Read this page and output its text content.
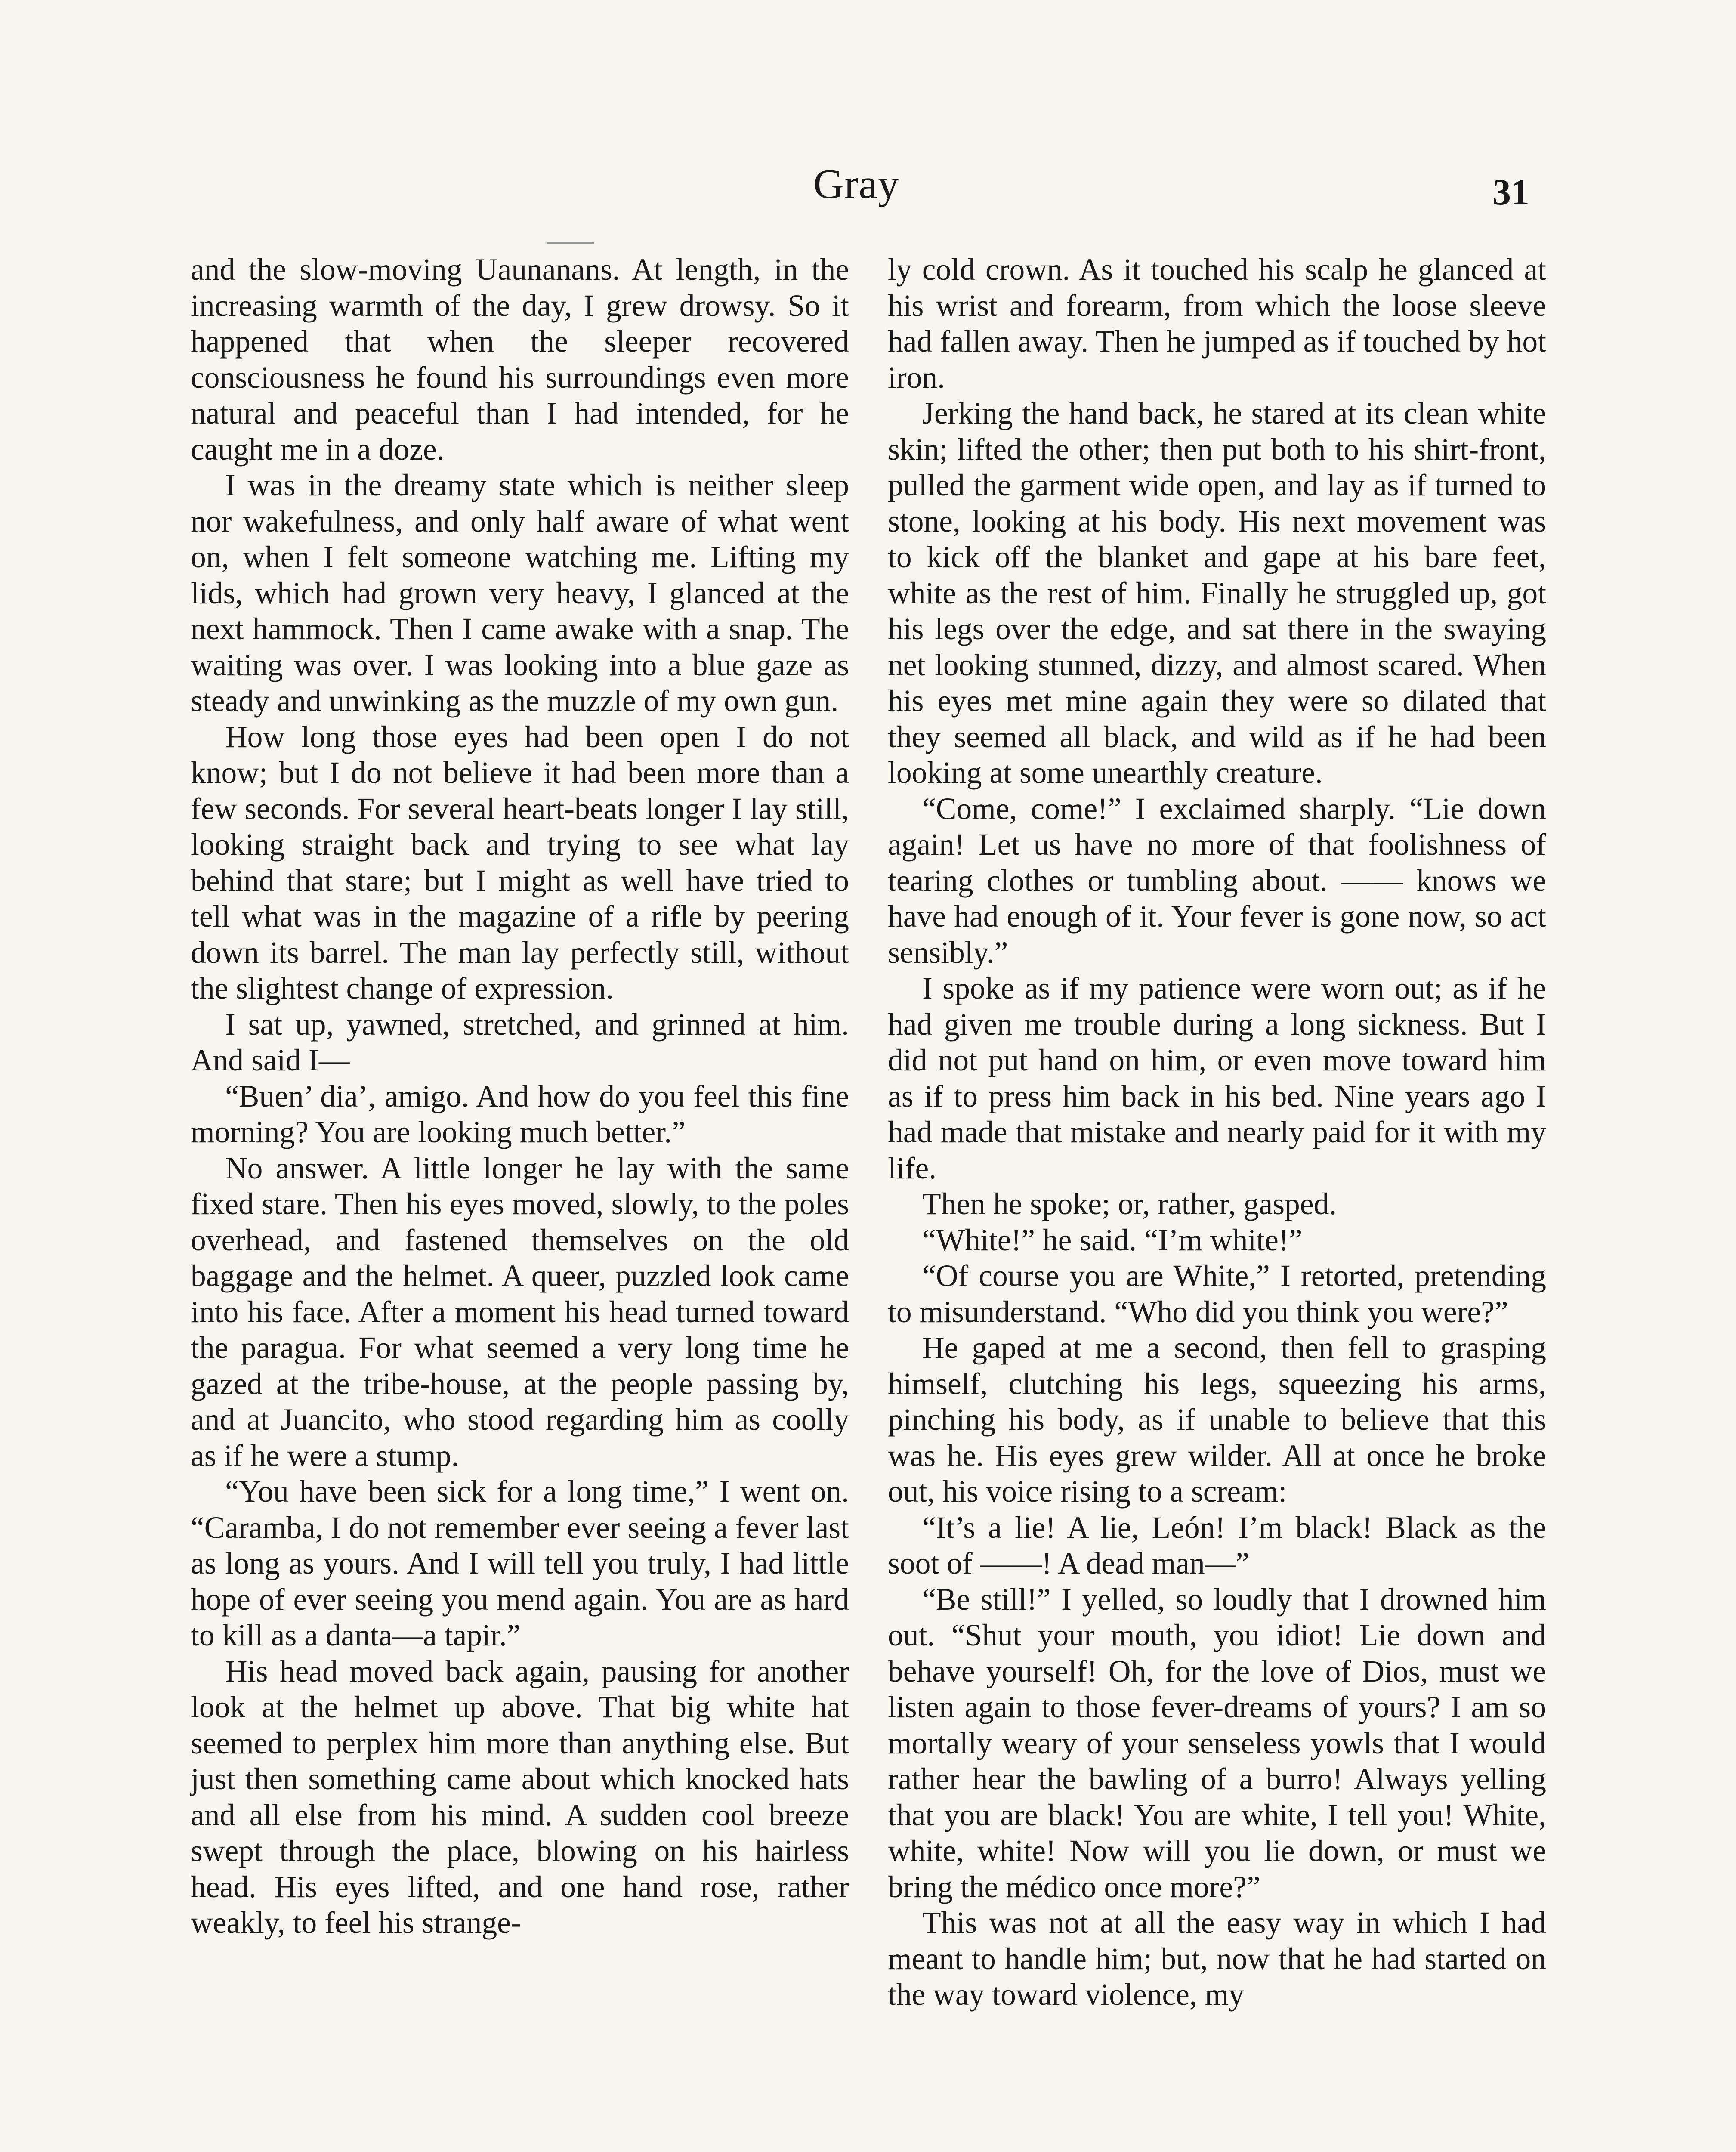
Gray	31

and the slow-moving Uaunanans. At length, in the increasing warmth of the day, I grew drowsy. So it happened that when the sleeper recovered consciousness he found his surroundings even more natural and peaceful than I had intended, for he caught me in a doze.

I was in the dreamy state which is neither sleep nor wakefulness, and only half aware of what went on, when I felt someone watching me. Lifting my lids, which had grown very heavy, I glanced at the next hammock. Then I came awake with a snap. The waiting was over. I was looking into a blue gaze as steady and unwinking as the muzzle of my own gun.

How long those eyes had been open I do not know; but I do not believe it had been more than a few seconds. For several heart-beats longer I lay still, looking straight back and trying to see what lay behind that stare; but I might as well have tried to tell what was in the magazine of a rifle by peering down its barrel. The man lay perfectly still, without the slightest change of expression.

I sat up, yawned, stretched, and grinned at him. And said I—

“Buen’ dia’, amigo. And how do you feel this fine morning? You are looking much better.”

No answer. A little longer he lay with the same fixed stare. Then his eyes moved, slowly, to the poles overhead, and fastened themselves on the old baggage and the helmet. A queer, puzzled look came into his face. After a moment his head turned toward the paragua. For what seemed a very long time he gazed at the tribe-house, at the people passing by, and at Juancito, who stood regarding him as coolly as if he were a stump.

“You have been sick for a long time,” I went on. “Caramba, I do not remember ever seeing a fever last as long as yours. And I will tell you truly, I had little hope of ever seeing you mend again. You are as hard to kill as a danta—a tapir.”

His head moved back again, pausing for another look at the helmet up above. That big white hat seemed to perplex him more than anything else. But just then something came about which knocked hats and all else from his mind. A sudden cool breeze swept through the place, blowing on his hairless head. His eyes lifted, and one hand rose, rather weakly, to feel his strange-

ly cold crown. As it touched his scalp he glanced at his wrist and forearm, from which the loose sleeve had fallen away. Then he jumped as if touched by hot iron.

Jerking the hand back, he stared at its clean white skin; lifted the other; then put both to his shirt-front, pulled the garment wide open, and lay as if turned to stone, looking at his body. His next movement was to kick off the blanket and gape at his bare feet, white as the rest of him. Finally he struggled up, got his legs over the edge, and sat there in the swaying net looking stunned, dizzy, and almost scared. When his eyes met mine again they were so dilated that they seemed all black, and wild as if he had been looking at some unearthly creature.

“Come, come!” I exclaimed sharply. “Lie down again! Let us have no more of that foolishness of tearing clothes or tumbling about. —— knows we have had enough of it. Your fever is gone now, so act sensibly.”

I spoke as if my patience were worn out; as if he had given me trouble during a long sickness. But I did not put hand on him, or even move toward him as if to press him back in his bed. Nine years ago I had made that mistake and nearly paid for it with my life.

Then he spoke; or, rather, gasped.

“White!” he said. “I’m white!”

“Of course you are White,” I retorted, pretending to misunderstand. “Who did you think you were?”

He gaped at me a second, then fell to grasping himself, clutching his legs, squeezing his arms, pinching his body, as if unable to believe that this was he. His eyes grew wilder. All at once he broke out, his voice rising to a scream:

“It’s a lie! A lie, León! I’m black! Black as the soot of ——! A dead man—”

“Be still!” I yelled, so loudly that I drowned him out. “Shut your mouth, you idiot! Lie down and behave yourself! Oh, for the love of Dios, must we listen again to those fever-dreams of yours? I am so mortally weary of your senseless yowls that I would rather hear the bawling of a burro! Always yelling that you are black! You are white, I tell you! White, white, white! Now will you lie down, or must we bring the médico once more?”

This was not at all the easy way in which I had meant to handle him; but, now that he had started on the way toward violence, my
